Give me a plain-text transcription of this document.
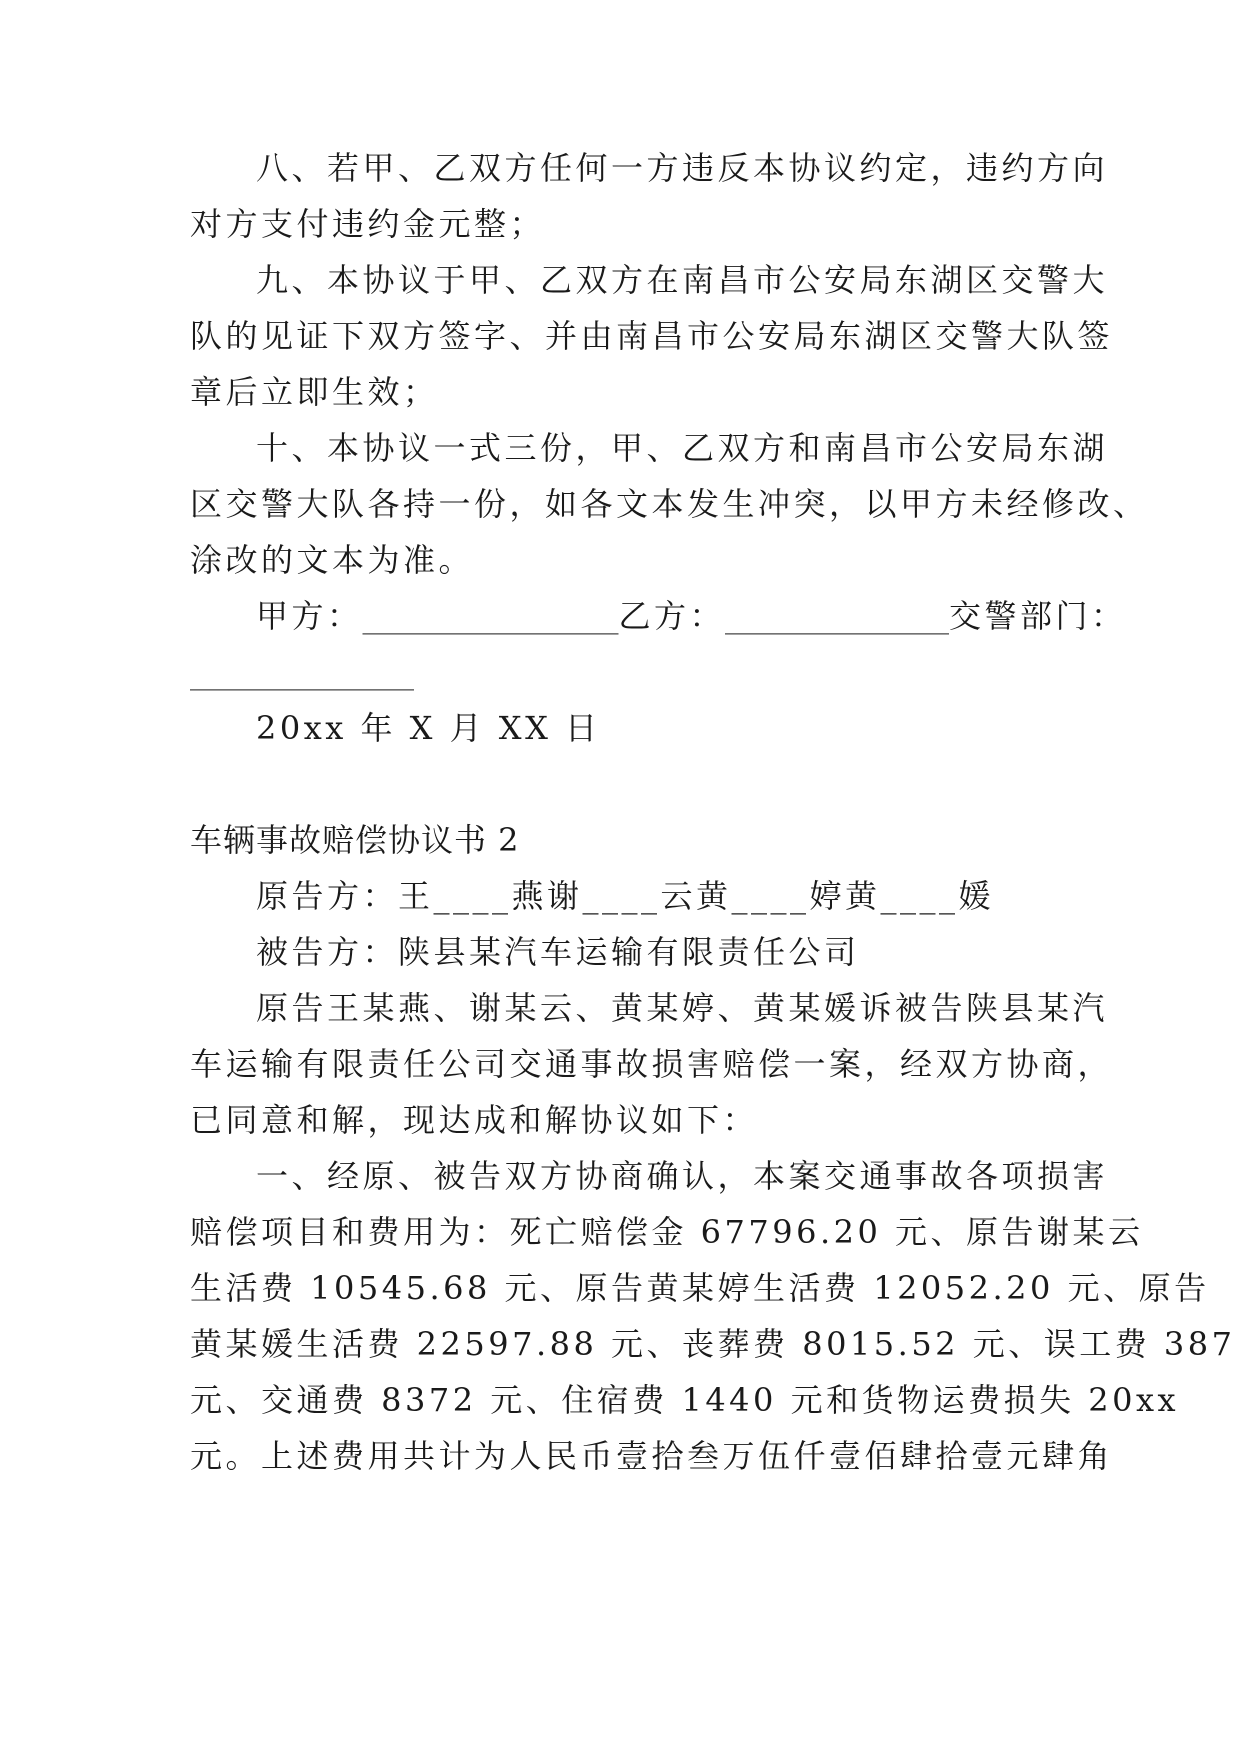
八、若甲、乙双方任何一方违反本协议约定，违约方向
对方支付违约金元整；
九、本协议于甲、乙双方在南昌市公安局东湖区交警大
队的见证下双方签字、并由南昌市公安局东湖区交警大队签
章后立即生效；
十、本协议一式三份，甲、乙双方和南昌市公安局东湖
区交警大队各持一份，如各文本发生冲突，以甲方未经修改、
涂改的文本为准。
甲方：________________乙方：______________交警部门：
______________
20xx 年 X 月 XX 日
车辆事故赔偿协议书 2
原告方：王____燕谢____云黄____婷黄____媛
被告方：陕县某汽车运输有限责任公司
原告王某燕、谢某云、黄某婷、黄某媛诉被告陕县某汽
车运输有限责任公司交通事故损害赔偿一案，经双方协商，
已同意和解，现达成和解协议如下：
一、经原、被告双方协商确认，本案交通事故各项损害
赔偿项目和费用为：死亡赔偿金 67796.20 元、原告谢某云
生活费 10545.68 元、原告黄某婷生活费 12052.20 元、原告
黄某媛生活费 22597.88 元、丧葬费 8015.52 元、误工费 387
元、交通费 8372 元、住宿费 1440 元和货物运费损失 20xx
元。上述费用共计为人民币壹拾叁万伍仟壹佰肆拾壹元肆角
